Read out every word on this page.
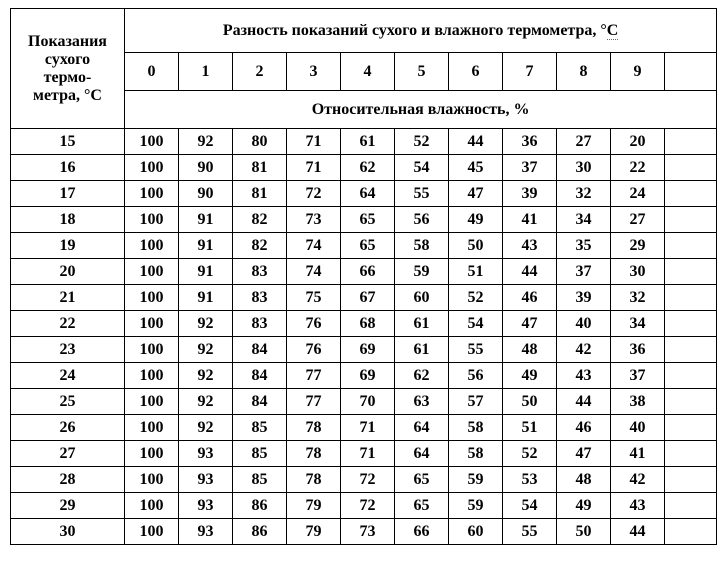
Показания
сухого
термо-
метра, °С	Разность показаний сухого и влажного термометра, °С										
	0	1	2	3	4	5	6	7	8	9	
	Относительная влажность, %										
15	100	92	80	71	61	52	44	36	27	20	
16	100	90	81	71	62	54	45	37	30	22	
17	100	90	81	72	64	55	47	39	32	24	
18	100	91	82	73	65	56	49	41	34	27	
19	100	91	82	74	65	58	50	43	35	29	
20	100	91	83	74	66	59	51	44	37	30	
21	100	91	83	75	67	60	52	46	39	32	
22	100	92	83	76	68	61	54	47	40	34	
23	100	92	84	76	69	61	55	48	42	36	
24	100	92	84	77	69	62	56	49	43	37	
25	100	92	84	77	70	63	57	50	44	38	
26	100	92	85	78	71	64	58	51	46	40	
27	100	93	85	78	71	64	58	52	47	41	
28	100	93	85	78	72	65	59	53	48	42	
29	100	93	86	79	72	65	59	54	49	43	
30	100	93	86	79	73	66	60	55	50	44	
